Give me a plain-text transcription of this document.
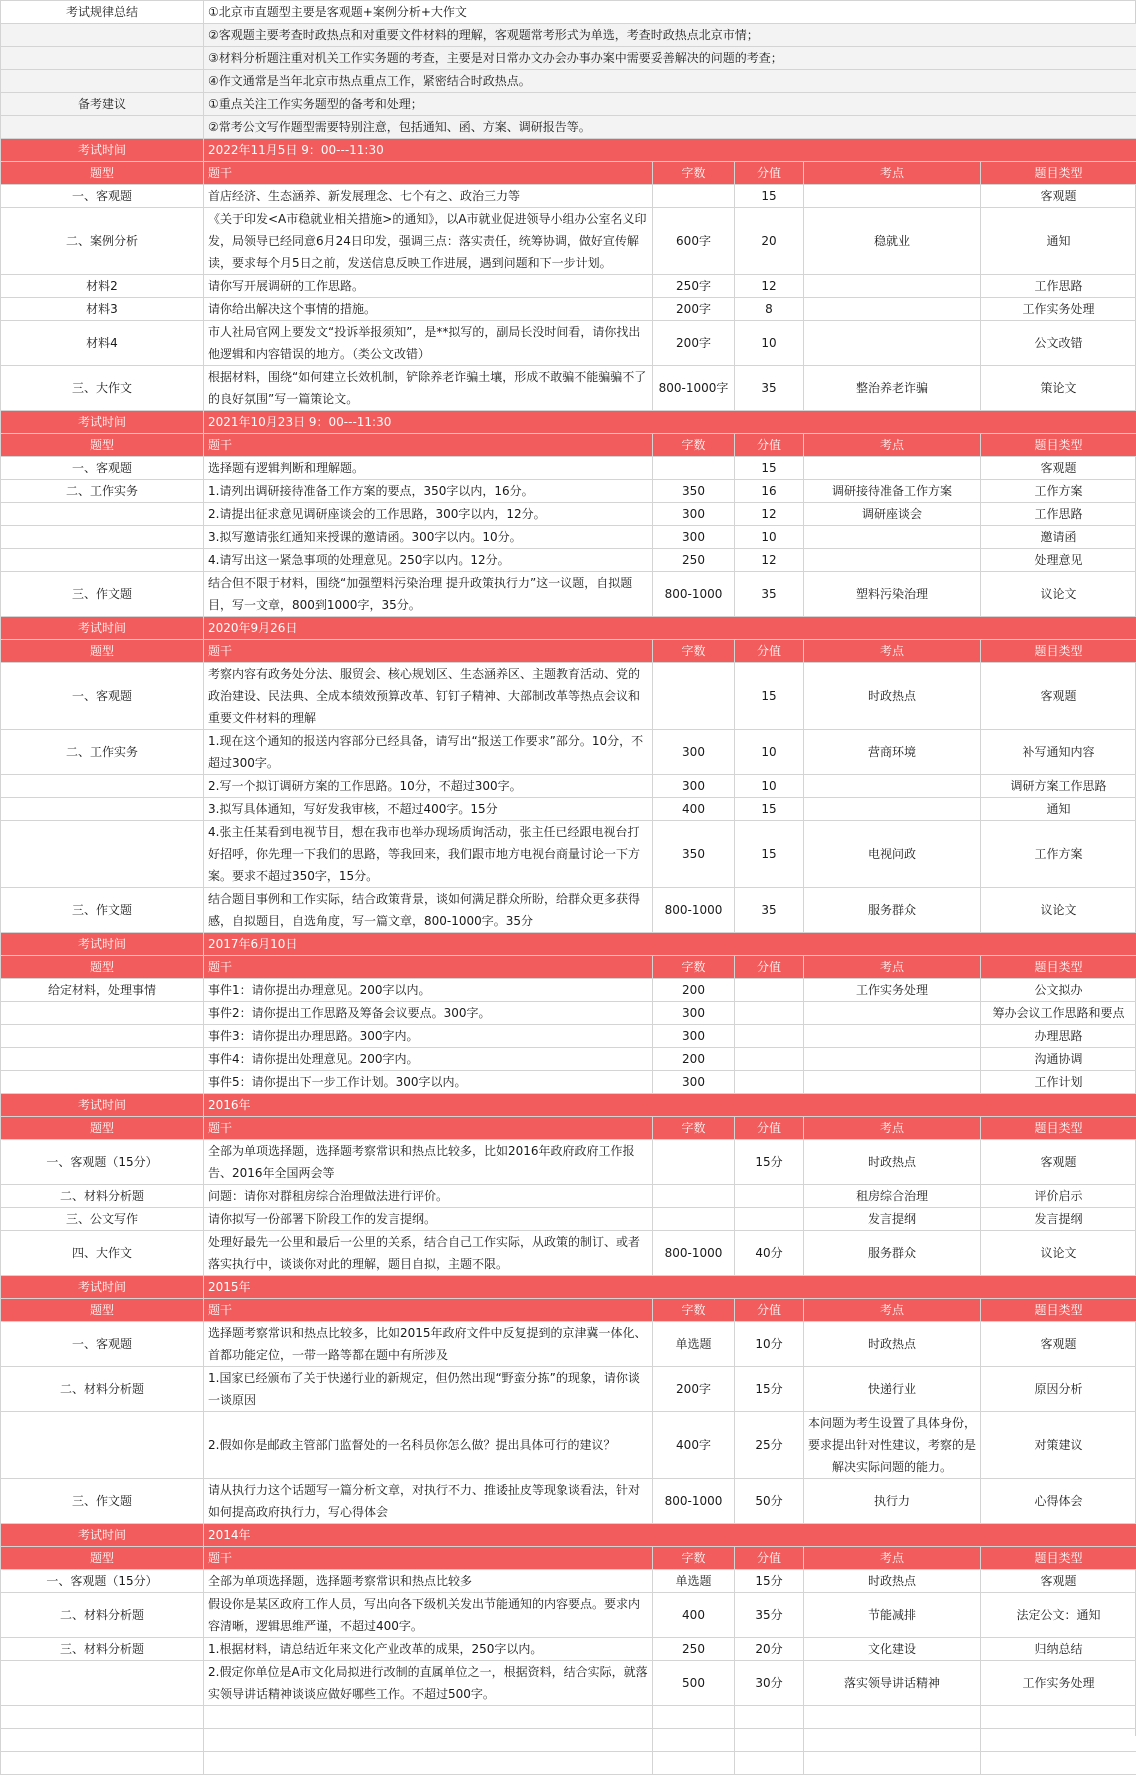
考试规律总结	①北京市直题型主要是客观题+案例分析+大作文				
	②客观题主要考查时政热点和对重要文件材料的理解，客观题常考形式为单选，考查时政热点北京市情；				
	③材料分析题注重对机关工作实务题的考查，主要是对日常办文办会办事办案中需要妥善解决的问题的考查；				
	④作文通常是当年北京市热点重点工作，紧密结合时政热点。				
备考建议	①重点关注工作实务题型的备考和处理；				
	②常考公文写作题型需要特别注意，包括通知、函、方案、调研报告等。				
考试时间	2022年11月5日 9：00---11:30				
题型	题干	字数	分值	考点	题目类型
一、客观题	首店经济、生态涵养、新发展理念、七个有之、政治三力等		15		客观题
二、案例分析	《关于印发<A市稳就业相关措施>的通知》，以A市就业促进领导小组办公室名义印发，局领导已经同意6月24日印发，强调三点：落实责任，统筹协调，做好宣传解读，要求每个月5日之前，发送信息反映工作进展，遇到问题和下一步计划。	600字	20	稳就业	通知
材料2	请你写开展调研的工作思路。	250字	12		工作思路
材料3	请你给出解决这个事情的措施。	200字	8		工作实务处理
材料4	市人社局官网上要发文“投诉举报须知”，是**拟写的，副局长没时间看，请你找出他逻辑和内容错误的地方。（类公文改错）	200字	10		公文改错
三、大作文	根据材料，围绕“如何建立长效机制，铲除养老诈骗土壤，形成不敢骗不能骗骗不了的良好氛围”写一篇策论文。	800-1000字	35	整治养老诈骗	策论文
考试时间	2021年10月23日 9：00---11:30				
题型	题干	字数	分值	考点	题目类型
一、客观题	选择题有逻辑判断和理解题。		15		客观题
二、工作实务	1.请列出调研接待准备工作方案的要点，350字以内，16分。	350	16	调研接待准备工作方案	工作方案
	2.请提出征求意见调研座谈会的工作思路，300字以内，12分。	300	12	调研座谈会	工作思路
	3.拟写邀请张红通知来授课的邀请函。300字以内。10分。	300	10		邀请函
	4.请写出这一紧急事项的处理意见。250字以内。12分。	250	12		处理意见
三、作文题	结合但不限于材料，围绕“加强塑料污染治理 提升政策执行力”这一议题，自拟题目，写一文章，800到1000字，35分。	800-1000	35	塑料污染治理	议论文
考试时间	2020年9月26日				
题型	题干	字数	分值	考点	题目类型
一、客观题	考察内容有政务处分法、服贸会、核心规划区、生态涵养区、主题教育活动、党的政治建设、民法典、全成本绩效预算改革、钉钉子精神、大部制改革等热点会议和重要文件材料的理解		15	时政热点	客观题
二、工作实务	1.现在这个通知的报送内容部分已经具备，请写出“报送工作要求”部分。10分，不超过300字。	300	10	营商环境	补写通知内容
	2.写一个拟订调研方案的工作思路。10分，不超过300字。	300	10		调研方案工作思路
	3.拟写具体通知，写好发我审核，不超过400字。15分	400	15		通知
	4.张主任某看到电视节目，想在我市也举办现场质询活动，张主任已经跟电视台打好招呼，你先理一下我们的思路，等我回来，我们跟市地方电视台商量讨论一下方案。要求不超过350字，15分。	350	15	电视问政	工作方案
三、作文题	结合题目事例和工作实际，结合政策背景，谈如何满足群众所盼，给群众更多获得感，自拟题目，自选角度，写一篇文章，800-1000字。35分	800-1000	35	服务群众	议论文
考试时间	2017年6月10日				
题型	题干	字数	分值	考点	题目类型
给定材料，处理事情	事件1：请你提出办理意见。200字以内。	200		工作实务处理	公文拟办
	事件2：请你提出工作思路及筹备会议要点。300字。	300			筹办会议工作思路和要点
	事件3：请你提出办理思路。300字内。	300			办理思路
	事件4：请你提出处理意见。200字内。	200			沟通协调
	事件5：请你提出下一步工作计划。300字以内。	300			工作计划
考试时间	2016年				
题型	题干	字数	分值	考点	题目类型
一、客观题（15分）	全部为单项选择题，选择题考察常识和热点比较多，比如2016年政府政府工作报告、2016年全国两会等		15分	时政热点	客观题
二、材料分析题	问题：请你对群租房综合治理做法进行评价。			租房综合治理	评价启示
三、公文写作	请你拟写一份部署下阶段工作的发言提纲。			发言提纲	发言提纲
四、大作文	处理好最先一公里和最后一公里的关系，结合自己工作实际，从政策的制订、或者落实执行中，谈谈你对此的理解，题目自拟，主题不限。	800-1000	40分	服务群众	议论文
考试时间	2015年				
题型	题干	字数	分值	考点	题目类型
一、客观题	选择题考察常识和热点比较多，比如2015年政府文件中反复提到的京津冀一体化、首都功能定位，一带一路等都在题中有所涉及	单选题	10分	时政热点	客观题
二、材料分析题	1.国家已经颁布了关于快递行业的新规定，但仍然出现“野蛮分拣”的现象，请你谈一谈原因	200字	15分	快递行业	原因分析
	2.假如你是邮政主管部门监督处的一名科员你怎么做？提出具体可行的建议？	400字	25分	本问题为考生设置了具体身份，要求提出针对性建议，考察的是解决实际问题的能力。	对策建议
三、作文题	请从执行力这个话题写一篇分析文章，对执行不力、推诿扯皮等现象谈看法，针对如何提高政府执行力，写心得体会	800-1000	50分	执行力	心得体会
考试时间	2014年				
题型	题干	字数	分值	考点	题目类型
一、客观题（15分）	全部为单项选择题，选择题考察常识和热点比较多	单选题	15分	时政热点	客观题
二、材料分析题	假设你是某区政府工作人员，写出向各下级机关发出节能通知的内容要点。要求内容清晰，逻辑思维严谨，不超过400字。	400	35分	节能减排	法定公文：通知
三、材料分析题	1.根据材料，请总结近年来文化产业改革的成果，250字以内。	250	20分	文化建设	归纳总结
	2.假定你单位是A市文化局拟进行改制的直属单位之一，根据资料，结合实际，就落实领导讲话精神谈谈应做好哪些工作。不超过500字。	500	30分	落实领导讲话精神	工作实务处理
